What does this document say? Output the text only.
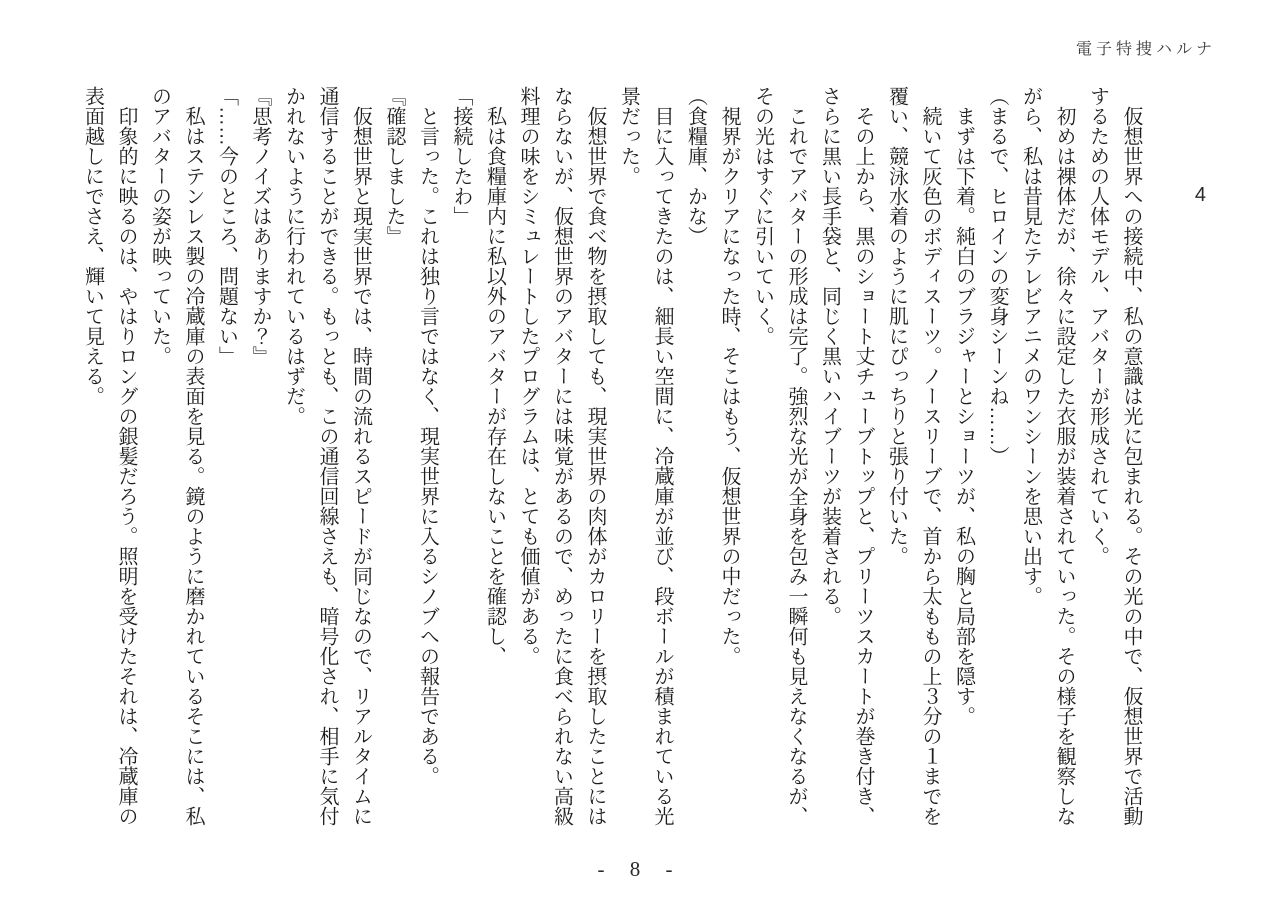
電子特捜ハルナ
4

仮想世界への接続中、私の意識は光に包まれる。その光の中で、仮想世界で活動するための人体モデル、アバターが形成されていく。

初めは裸体だが、徐々に設定した衣服が装着されていった。その様子を観察しながら、私は昔見たテレビアニメのワンシーンを思い出す。

（まるで、ヒロインの変身シーンね……）

まずは下着。純白のブラジャーとショーツが、私の胸と局部を隠す。

続いて灰色のボディスーツ。ノースリーブで、首から太ももの上３分の１までを覆い、競泳水着のように肌にぴっちりと張り付いた。

その上から、黒のショート丈チューブトップと、プリーツスカートが巻き付き、さらに黒い長手袋と、同じく黒いハイブーツが装着される。

これでアバターの形成は完了。強烈な光が全身を包み一瞬何も見えなくなるが、その光はすぐに引いていく。

視界がクリアになった時、そこはもう、仮想世界の中だった。

（食糧庫、かな）

目に入ってきたのは、細長い空間に、冷蔵庫が並び、段ボールが積まれている光景だった。

仮想世界で食べ物を摂取しても、現実世界の肉体がカロリーを摂取したことにはならないが、仮想世界のアバターには味覚があるので、めったに食べられない高級料理の味をシミュレートしたプログラムは、とても価値がある。

私は食糧庫内に私以外のアバターが存在しないことを確認し、

「接続したわ」

と言った。これは独り言ではなく、現実世界に入るシノブへの報告である。

『確認しました』

仮想世界と現実世界では、時間の流れるスピードが同じなので、リアルタイムに通信することができる。もっとも、この通信回線さえも、暗号化され、相手に気付かれないように行われているはずだ。

『思考ノイズはありますか？』

「……今のところ、問題ない」

私はステンレス製の冷蔵庫の表面を見る。鏡のように磨かれているそこには、私のアバターの姿が映っていた。

印象的に映るのは、やはりロングの銀髪だろう。照明を受けたそれは、冷蔵庫の表面越しにでさえ、輝いて見える。

- 8 -
